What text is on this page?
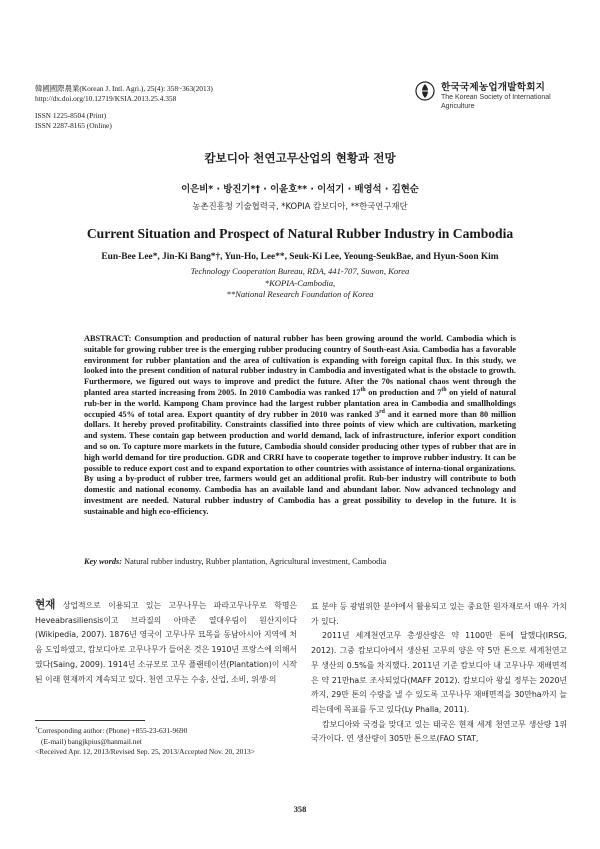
韓國國際農業(Korean J. Intl. Agri.), 25(4): 358~363(2013)
http://dx.doi.org/10.12719/KSIA.2013.25.4.358
ISSN 1225-8504 (Print)
ISSN 2287-8165 (Online)
한국국제농업개발학회지
The Korean Society of International
Agriculture
캄보디아 천연고무산업의 현황과 전망
이은비* · 방진기*† · 이윤호** · 이석기 · 배영석 · 김현순
농촌진흥청 기술협력국, *KOPIA 캄보디아, **한국연구재단
Current Situation and Prospect of Natural Rubber Industry in Cambodia
Eun-Bee Lee*, Jin-Ki Bang*†, Yun-Ho, Lee**, Seuk-Ki Lee, Yeoung-SeukBae, and Hyun-Soon Kim
Technology Cooperation Bureau, RDA, 441-707, Suwon, Korea
*KOPIA-Cambodia,
**National Research Foundation of Korea
ABSTRACT: Consumption and production of natural rubber has been growing around the world. Cambodia which is suitable for growing rubber tree is the emerging rubber producing country of South-east Asia. Cambodia has a favorable environment for rubber plantation and the area of cultivation is expanding with foreign capital flux. In this study, we looked into the present condition of natural rubber industry in Cambodia and investigated what is the obstacle to growth. Furthermore, we figured out ways to improve and predict the future. After the 70s national chaos went through the planted area started increasing from 2005. In 2010 Cambodia was ranked 17th on production and 7th on yield of natural rub-ber in the world. Kampong Cham province had the largest rubber plantation area in Cambodia and smallholdings occupied 45% of total area. Export quantity of dry rubber in 2010 was ranked 3rd and it earned more than 80 million dollars. It hereby proved profitability. Constraints classified into three points of view which are cultivation, marketing and system. These contain gap between production and world demand, lack of infrastructure, inferior export condition and so on. To capture more markets in the future, Cambodia should consider producing other types of rubber that are in high world demand for tire production. GDR and CRRI have to cooperate together to improve rubber industry. It can be possible to reduce export cost and to expand exportation to other countries with assistance of interna-tional organizations. By using a by-product of rubber tree, farmers would get an additional profit. Rub-ber industry will contribute to both domestic and national economy. Cambodia has an available land and abundant labor. Now advanced technology and investment are needed. Natural rubber industry of Cambodia has a great possibility to develop in the future. It is sustainable and high eco-efficiency.
Key words: Natural rubber industry, Rubber plantation, Agricultural investment, Cambodia

현재 상업적으로 이용되고 있는 고무나무는 파라고무나무로 학명은 Heveabrasiliensis이고 브라질의 아마존 열대우림이 원산지이다(Wikipedia, 2007). 1876년 영국이 고무나무 묘목을 동남아시아 지역에 처음 도입하였고, 캄보디아로 고무나무가 들어온 것은 1910년 프랑스에 의해서였다(Saing, 2009). 1914년 소규모로 고무 플랜테이션(Plantation)이 시작된 이래 현재까지 계속되고 있다. 천연 고무는 수송, 산업, 소비, 위생·의

료 분야 등 광범위한 분야에서 활용되고 있는 중요한 원자재로서 매우 가치가 있다.

2011년 세계천연고무 총생산량은 약 1100만 톤에 달했다(IRSG, 2012). 그중 캄보디아에서 생산된 고무의 양은 약 5만 톤으로 세계천연고무 생산의 0.5%를 차지했다. 2011년 기준 캄보디아 내 고무나무 재배면적은 약 21만ha로 조사되었다(MAFF 2012). 캄보디아 왕실 정부는 2020년까지, 29만 톤의 수량을 낼 수 있도록 고무나무 재배면적을 30만ha까지 늘리는데에 목표를 두고 있다(Ly Phalla, 2011).

캄보디아와 국경을 맞대고 있는 태국은 현재 세계 천연고무 생산량 1위 국가이다. 연 생산량이 305만 톤으로(FAO STAT,

†Corresponding author: (Phone) +855-23-631-9690
(E-mail) bangjkpius@hanmail.net
<Received Apr. 12, 2013/Revised Sep. 25, 2013/Accepted Nov. 20, 2013>
358
